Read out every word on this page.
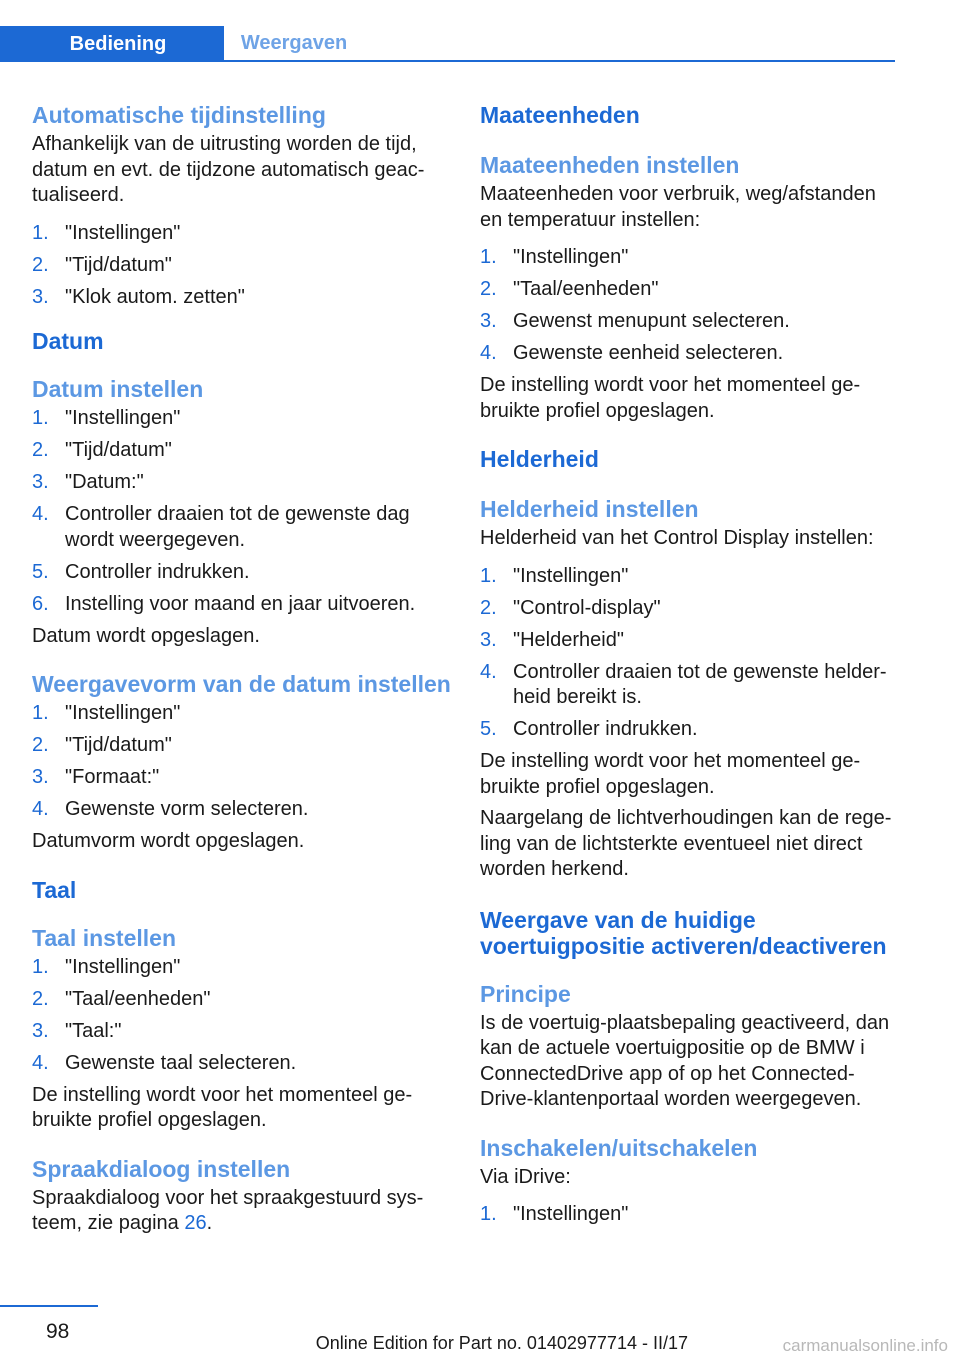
Bediening	Weergaven
Automatische tijdinstelling

Afhankelijk van de uitrusting worden de tijd, datum en evt. de tijdzone automatisch geac‐ tualiseerd.

1. "Instellingen"
2. "Tijd/datum"
3. "Klok autom. zetten"
Datum
Datum instellen
1. "Instellingen"
2. "Tijd/datum"
3. "Datum:"
4. Controller draaien tot de gewenste dag wordt weergegeven.
5. Controller indrukken.
6. Instelling voor maand en jaar uitvoeren.

Datum wordt opgeslagen.

Weergavevorm van de datum instellen
1. "Instellingen"
2. "Tijd/datum"
3. "Formaat:"
4. Gewenste vorm selecteren.

Datumvorm wordt opgeslagen.

Taal
Taal instellen
1. "Instellingen"
2. "Taal/eenheden"
3. "Taal:"
4. Gewenste taal selecteren.

De instelling wordt voor het momenteel ge‐ bruikte profiel opgeslagen.

Spraakdialoog instellen

Spraakdialoog voor het spraakgestuurd sys‐ teem, zie pagina 26.

Maateenheden
Maateenheden instellen

Maateenheden voor verbruik, weg/afstanden en temperatuur instellen:

1. "Instellingen"
2. "Taal/eenheden"
3. Gewenst menupunt selecteren.
4. Gewenste eenheid selecteren.

De instelling wordt voor het momenteel ge‐ bruikte profiel opgeslagen.

Helderheid
Helderheid instellen

Helderheid van het Control Display instellen:

1. "Instellingen"
2. "Control-display"
3. "Helderheid"
4. Controller draaien tot de gewenste helder‐ heid bereikt is.
5. Controller indrukken.

De instelling wordt voor het momenteel ge‐ bruikte profiel opgeslagen.

Naargelang de lichtverhoudingen kan de rege‐ ling van de lichtsterkte eventueel niet direct worden herkend.

Weergave van de huidige voertuigpositie activeren/deactiveren
Principe

Is de voertuig-plaatsbepaling geactiveerd, dan kan de actuele voertuigpositie op de BMW i ConnectedDrive app of op het Connected‐ Drive-klantenportaal worden weergegeven.

Inschakelen/uitschakelen

Via iDrive:

1. "Instellingen"
98	Online Edition for Part no. 01402977714 - II/17	carmanualsonline.info
